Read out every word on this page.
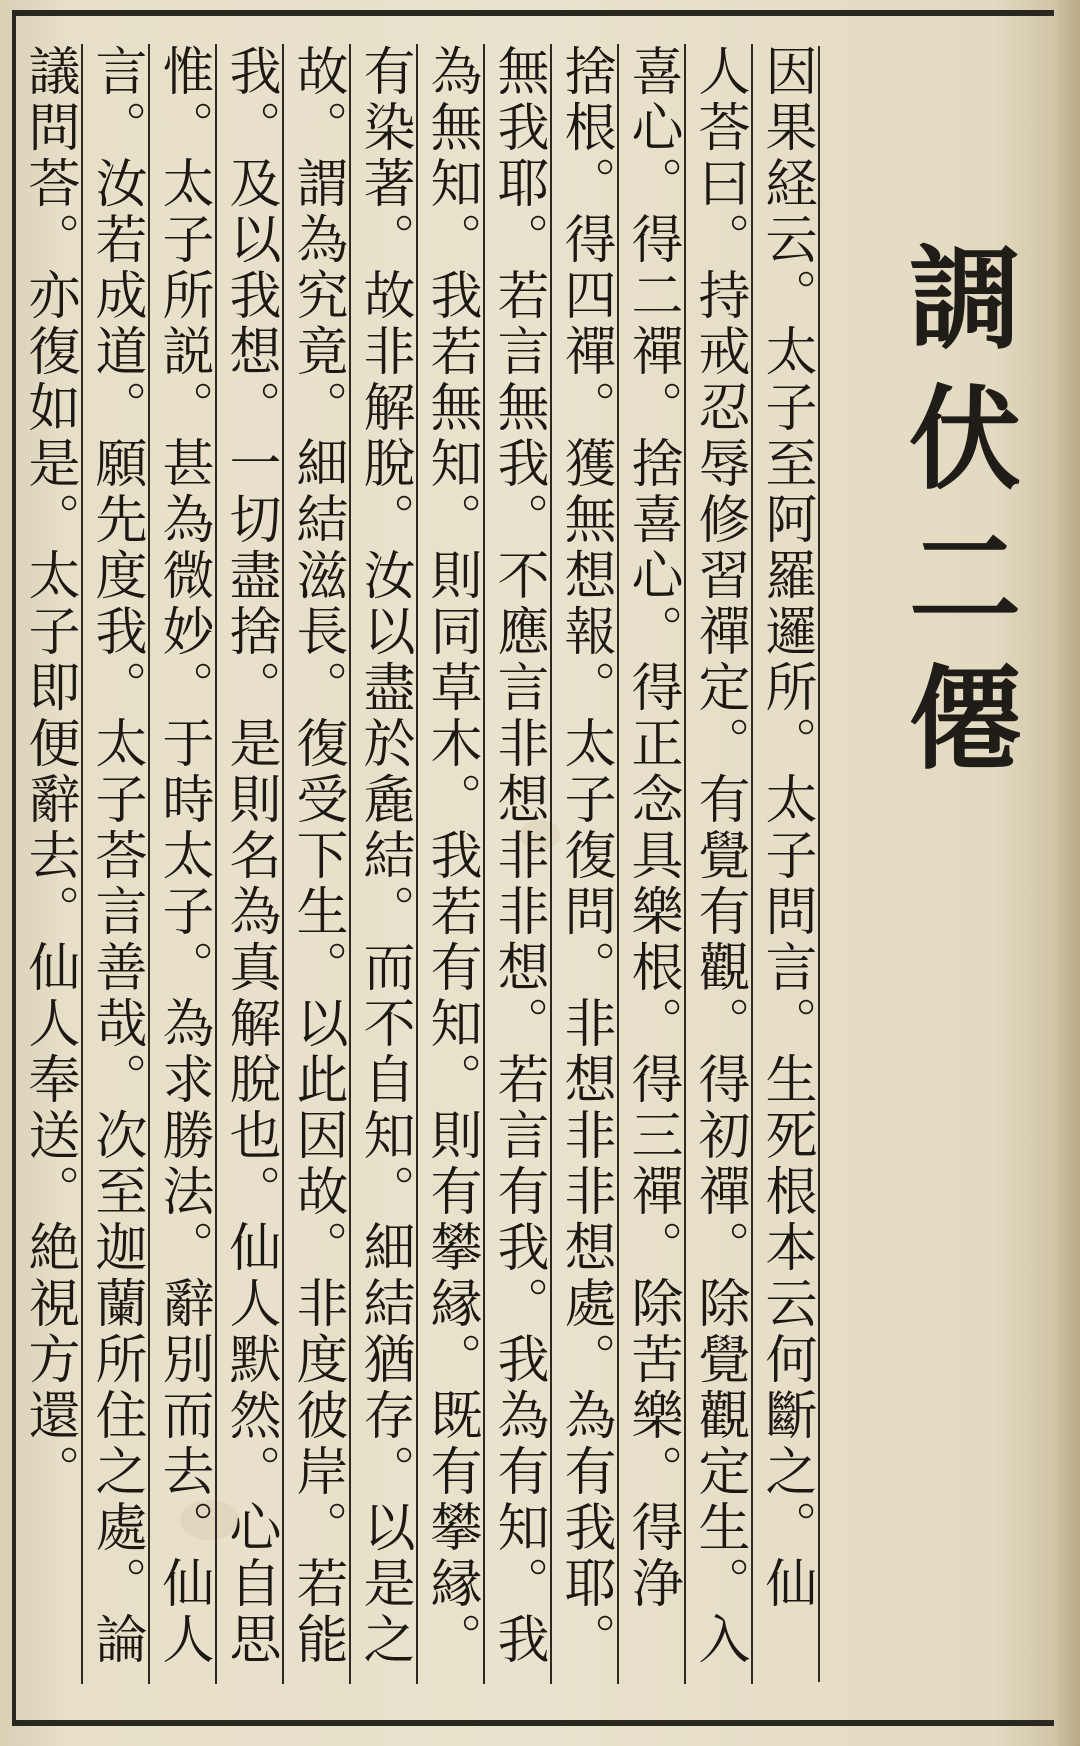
調
伏
二
僊
因果経云。太子至阿羅邏所。太子問言。生死根本云何斷之。仙
人荅曰。持戒忍辱修習禪定。有覺有觀。得初禪。除覺觀定生。入
喜心。得二禪。捨喜心。得正念具樂根。得三禪。除苦樂。得浄
捨根。得四禪。獲無想報。太子復問。非想非非想處。為有我耶。
無我耶。若言無我。不應言非想非非想。若言有我。我為有知。我
為無知。我若無知。則同草木。我若有知。則有攀縁。既有攀縁。
有染著。故非解脫。汝以盡於麁結。而不自知。細結猶存。以是之
故。謂為究竟。細結滋長。復受下生。以此因故。非度彼岸。若能
我。及以我想。一切盡捨。是則名為真解脫也。仙人默然。心自思
惟。太子所説。甚為微妙。于時太子。為求勝法。辭別而去。仙人
言。汝若成道。願先度我。太子荅言善哉。次至迦蘭所住之處。論
議問荅。亦復如是。太子即便辭去。仙人奉送。絶視方還。
